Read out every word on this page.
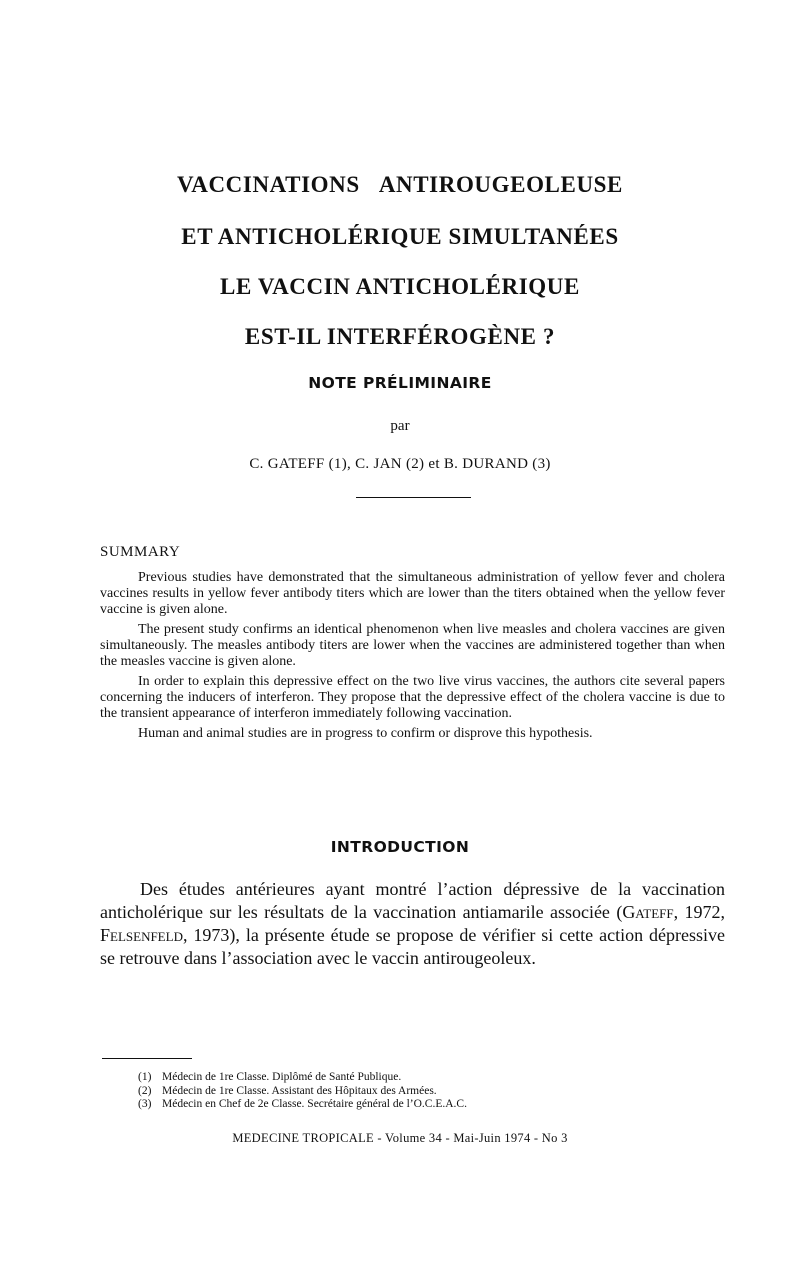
VACCINATIONS ANTIROUGEOLEUSE
ET ANTICHOLÉRIQUE SIMULTANÉES
LE VACCIN ANTICHOLÉRIQUE
EST-IL INTERFÉROGÈNE ?
NOTE PRÉLIMINAIRE
par
C. GATEFF (1), C. JAN (2) et B. DURAND (3)
SUMMARY

Previous studies have demonstrated that the simultaneous administration of yellow fever and cholera vaccines results in yellow fever antibody titers which are lower than the titers obtained when the yellow fever vaccine is given alone.

The present study confirms an identical phenomenon when live measles and cholera vaccines are given simultaneously. The measles antibody titers are lower when the vaccines are administered together than when the measles vaccine is given alone.

In order to explain this depressive effect on the two live virus vaccines, the authors cite several papers concerning the inducers of interferon. They propose that the depressive effect of the cholera vaccine is due to the transient appearance of interferon immediately following vaccination.

Human and animal studies are in progress to confirm or disprove this hypothesis.

INTRODUCTION

Des études antérieures ayant montré l’action dépressive de la vaccination anticholérique sur les résultats de la vaccination antiamarile associée (Gateff, 1972, Felsenfeld, 1973), la présente étude se propose de vérifier si cette action dépressive se retrouve dans l’association avec le vaccin antirougeoleux.

(1) Médecin de 1re Classe. Diplômé de Santé Publique.
(2) Médecin de 1re Classe. Assistant des Hôpitaux des Armées.
(3) Médecin en Chef de 2e Classe. Secrétaire général de l’O.C.E.A.C.
MEDECINE TROPICALE - Volume 34 - Mai-Juin 1974 - No 3
